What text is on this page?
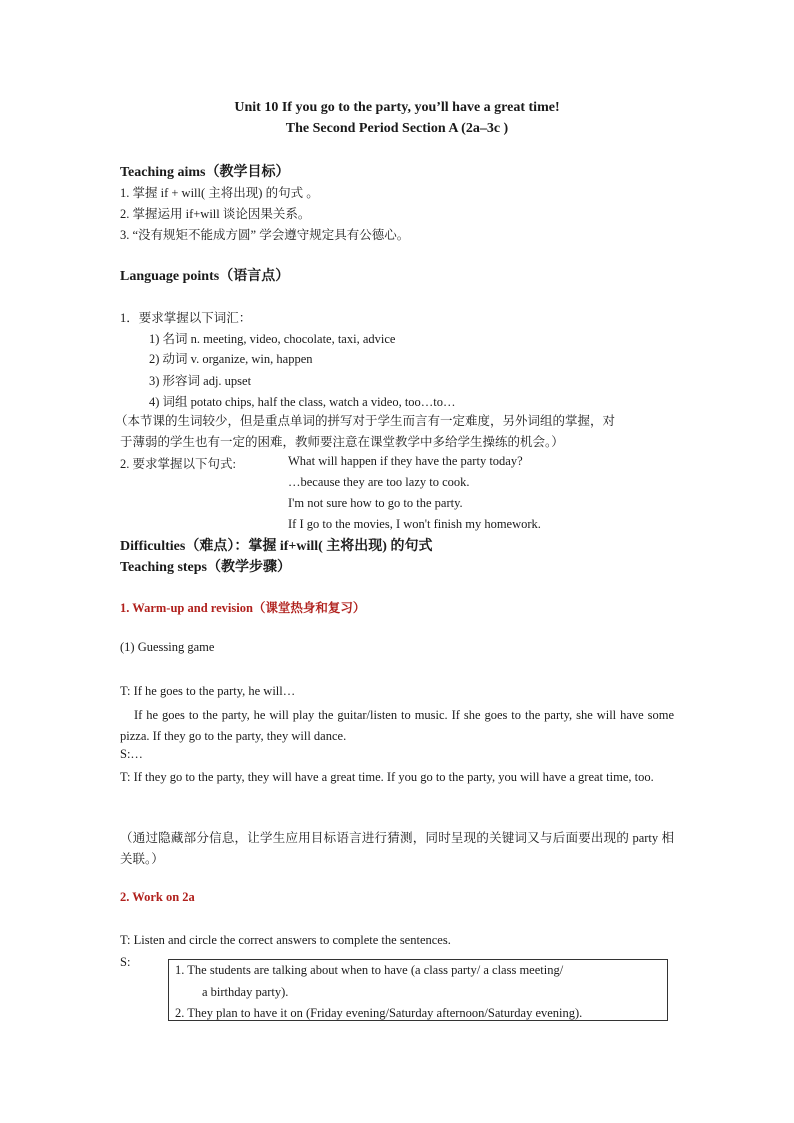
Unit 10 If you go to the party, you’ll have a great time!
The Second Period Section A (2a–3c )
Teaching aims（教学目标）
1. 掌握 if + will( 主将出现) 的句式 。
2. 掌握运用 if+will 谈论因果关系。
3. “没有规矩不能成方圆” 学会遵守规定具有公德心。
Language points（语言点）
1．要求掌握以下词汇：
1) 名词 n. meeting, video, chocolate, taxi, advice
2) 动词 v. organize, win, happen
3) 形容词 adj. upset
4) 词组 potato chips, half the class, watch a video, too…to…
（本节课的生词较少，但是重点单词的拼写对于学生而言有一定难度，另外词组的掌握，对
于薄弱的学生也有一定的困难，教师要注意在课堂教学中多给学生操练的机会。）
2. 要求掌握以下句式:	What will happen if they have the party today?
…because they are too lazy to cook.
I'm not sure how to go to the party.
If I go to the movies, I won't finish my homework.
Difficulties（难点）：掌握 if+will( 主将出现) 的句式
Teaching steps（教学步骤）
1. Warm-up and revision（课堂热身和复习）
(1) Guessing game
T: If he goes to the party, he will…
If he goes to the party, he will play the guitar/listen to music. If she goes to the party, she will have some pizza. If they go to the party, they will dance.
S:…
T: If they go to the party, they will have a great time. If you go to the party, you will have a great time, too.
（通过隐藏部分信息，让学生应用目标语言进行猜测，同时呈现的关键词又与后面要出现的 party 相关联。）
2. Work on 2a
T: Listen and circle the correct answers to complete the sentences.
S:
1. The students are talking about when to have (a class party/ a class meeting/
a birthday party).
2. They plan to have it on (Friday evening/Saturday afternoon/Saturday evening).
